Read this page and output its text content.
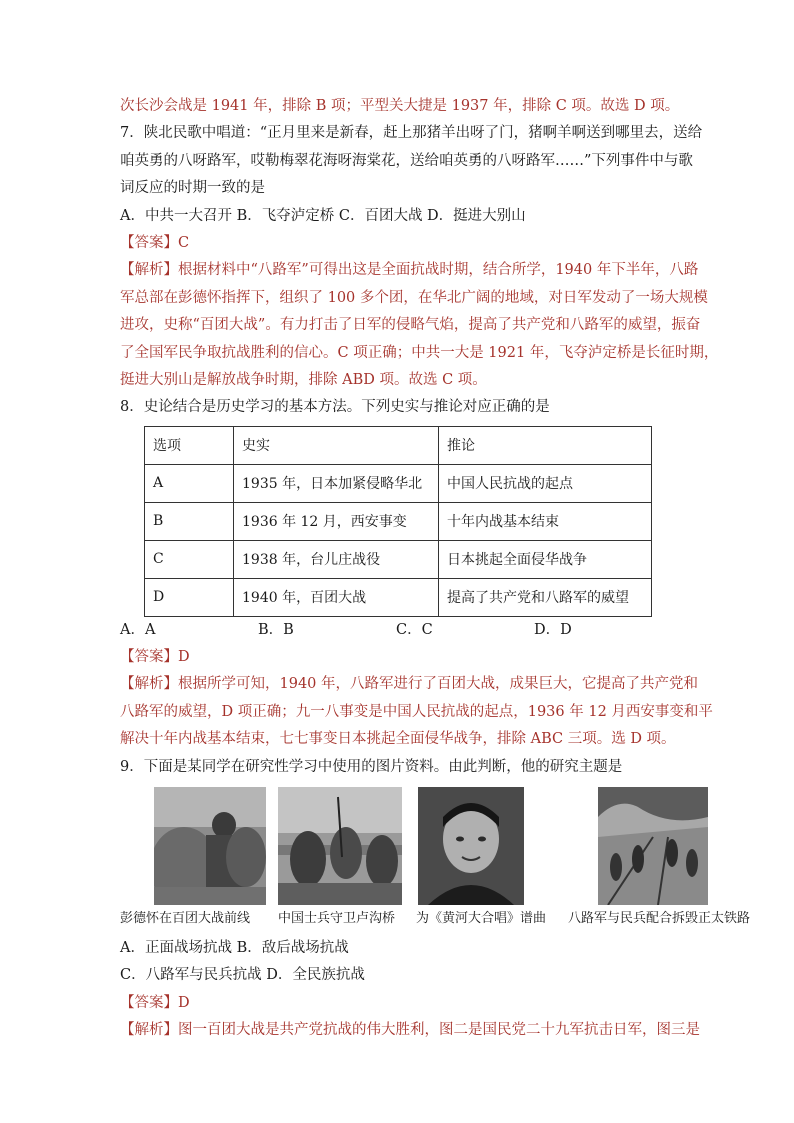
次长沙会战是 1941 年，排除 B 项；平型关大捷是 1937 年，排除 C 项。故选 D 项。
7．陕北民歌中唱道：“正月里来是新春，赶上那猪羊出呀了门，猪啊羊啊送到哪里去，送给
咱英勇的八呀路军，哎勒梅翠花海呀海棠花，送给咱英勇的八呀路军……”下列事件中与歌
词反应的时期一致的是
A．中共一大召开 B．飞夺泸定桥 C．百团大战 D．挺进大别山
【答案】C
【解析】根据材料中“八路军”可得出这是全面抗战时期，结合所学，1940 年下半年，八路
军总部在彭德怀指挥下，组织了 100 多个团，在华北广阔的地域，对日军发动了一场大规模
进攻，史称“百团大战”。有力打击了日军的侵略气焰，提高了共产党和八路军的威望，振奋
了全国军民争取抗战胜利的信心。C 项正确；中共一大是 1921 年，飞夺泸定桥是长征时期，
挺进大别山是解放战争时期，排除 ABD 项。故选 C 项。
8．史论结合是历史学习的基本方法。下列史实与推论对应正确的是
选项	史实	推论
A	1935 年，日本加紧侵略华北	中国人民抗战的起点
B	1936 年 12 月，西安事变	十年内战基本结束
C	1938 年，台儿庄战役	日本挑起全面侵华战争
D	1940 年，百团大战	提高了共产党和八路军的威望
A．A	B．B	C．C	D．D
【答案】D
【解析】根据所学可知，1940 年，八路军进行了百团大战，成果巨大，它提高了共产党和
八路军的威望，D 项正确；九一八事变是中国人民抗战的起点，1936 年 12 月西安事变和平
解决十年内战基本结束，七七事变日本挑起全面侵华战争，排除 ABC 三项。选 D 项。
9．下面是某同学在研究性学习中使用的图片资料。由此判断，他的研究主题是
彭德怀在百团大战前线 中国士兵守卫卢沟桥 为《黄河大合唱》谱曲 八路军与民兵配合拆毁正太铁路
A．正面战场抗战 B．敌后战场抗战
C．八路军与民兵抗战 D．全民族抗战
【答案】D
【解析】图一百团大战是共产党抗战的伟大胜利，图二是国民党二十九军抗击日军，图三是
